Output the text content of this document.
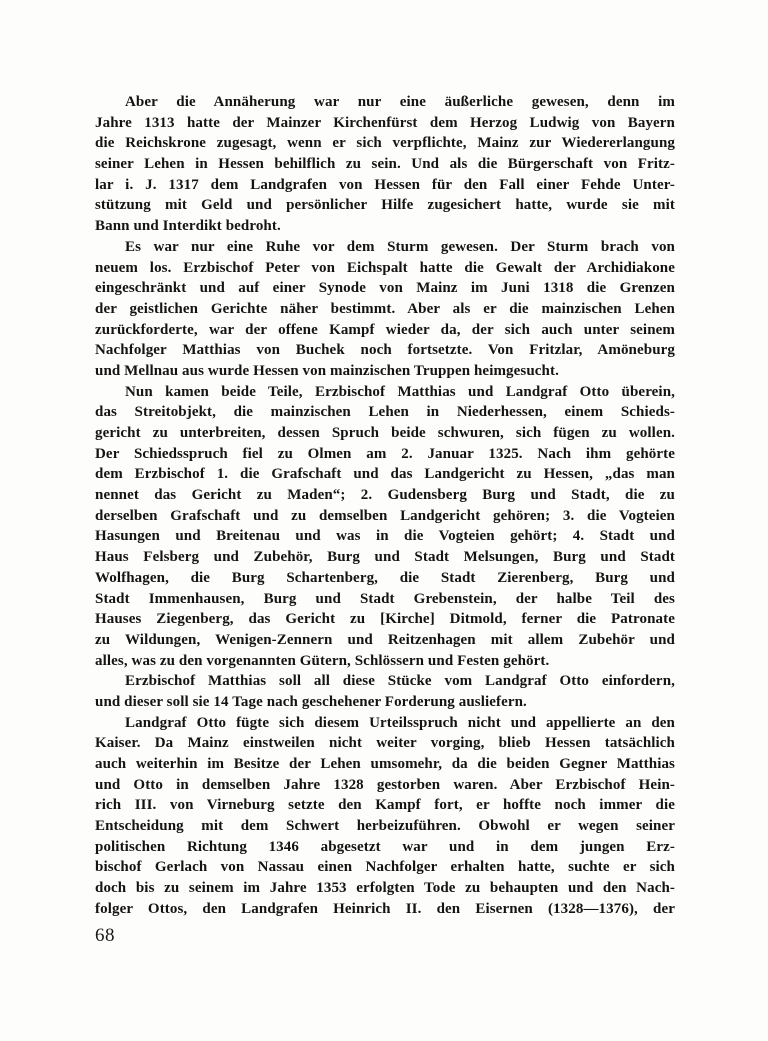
Aber die Annäherung war nur eine äußerliche gewesen, denn im
Jahre 1313 hatte der Mainzer Kirchenfürst dem Herzog Ludwig von Bayern
die Reichskrone zugesagt, wenn er sich verpflichte, Mainz zur Wiedererlangung
seiner Lehen in Hessen behilflich zu sein. Und als die Bürgerschaft von Fritz-
lar i. J. 1317 dem Landgrafen von Hessen für den Fall einer Fehde Unter-
stützung mit Geld und persönlicher Hilfe zugesichert hatte, wurde sie mit
Bann und Interdikt bedroht.
Es war nur eine Ruhe vor dem Sturm gewesen. Der Sturm brach von
neuem los. Erzbischof Peter von Eichspalt hatte die Gewalt der Archidiakone
eingeschränkt und auf einer Synode von Mainz im Juni 1318 die Grenzen
der geistlichen Gerichte näher bestimmt. Aber als er die mainzischen Lehen
zurückforderte, war der offene Kampf wieder da, der sich auch unter seinem
Nachfolger Matthias von Buchek noch fortsetzte. Von Fritzlar, Amöneburg
und Mellnau aus wurde Hessen von mainzischen Truppen heimgesucht.
Nun kamen beide Teile, Erzbischof Matthias und Landgraf Otto überein,
das Streitobjekt, die mainzischen Lehen in Niederhessen, einem Schieds-
gericht zu unterbreiten, dessen Spruch beide schwuren, sich fügen zu wollen.
Der Schiedsspruch fiel zu Olmen am 2. Januar 1325. Nach ihm gehörte
dem Erzbischof 1. die Grafschaft und das Landgericht zu Hessen, „das man
nennet das Gericht zu Maden“; 2. Gudensberg Burg und Stadt, die zu
derselben Grafschaft und zu demselben Landgericht gehören; 3. die Vogteien
Hasungen und Breitenau und was in die Vogteien gehört; 4. Stadt und
Haus Felsberg und Zubehör, Burg und Stadt Melsungen, Burg und Stadt
Wolfhagen, die Burg Schartenberg, die Stadt Zierenberg, Burg und
Stadt Immenhausen, Burg und Stadt Grebenstein, der halbe Teil des
Hauses Ziegenberg, das Gericht zu [Kirche] Ditmold, ferner die Patronate
zu Wildungen, Wenigen-Zennern und Reitzenhagen mit allem Zubehör und
alles, was zu den vorgenannten Gütern, Schlössern und Festen gehört.
Erzbischof Matthias soll all diese Stücke vom Landgraf Otto einfordern,
und dieser soll sie 14 Tage nach geschehener Forderung ausliefern.
Landgraf Otto fügte sich diesem Urteilsspruch nicht und appellierte an den
Kaiser. Da Mainz einstweilen nicht weiter vorging, blieb Hessen tatsächlich
auch weiterhin im Besitze der Lehen umsomehr, da die beiden Gegner Matthias
und Otto in demselben Jahre 1328 gestorben waren. Aber Erzbischof Hein-
rich III. von Virneburg setzte den Kampf fort, er hoffte noch immer die
Entscheidung mit dem Schwert herbeizuführen. Obwohl er wegen seiner
politischen Richtung 1346 abgesetzt war und in dem jungen Erz-
bischof Gerlach von Nassau einen Nachfolger erhalten hatte, suchte er sich
doch bis zu seinem im Jahre 1353 erfolgten Tode zu behaupten und den Nach-
folger Ottos, den Landgrafen Heinrich II. den Eisernen (1328—1376), der
68
